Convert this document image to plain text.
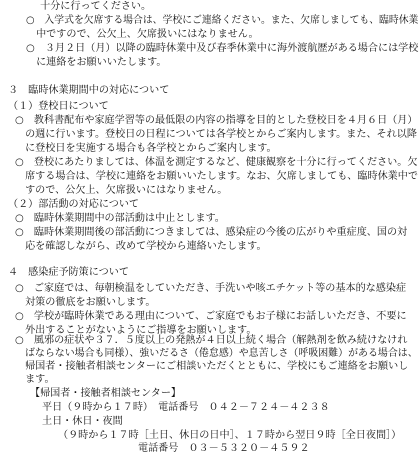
　十分に行ってください。
○　入学式を欠席する場合は、学校にご連絡ください。また、欠席しましても、臨時休業
　中ですので、公欠上、欠席扱いにはなりません。
○　３月２日（月）以降の臨時休業中及び春季休業中に海外渡航歴がある場合には学校
　に連絡をお願いいたします。
３　臨時休業期間中の対応について
（１）登校日について
○　教科書配布や家庭学習等の最低限の内容の指導を目的とした登校日を４月６日（月）
　の週に行います。登校日の日程については各学校とからご案内します。また、それ以降
　に登校日を実施する場合も各学校とからご案内します。
○　登校にあたりましては、体温を測定するなど、健康観察を十分に行ってください。欠
　席する場合は、学校に連絡をお願いいたします。なお、欠席しましても、臨時休業中で
　すので、公欠上、欠席扱いにはなりません。
（２）部活動の対応について
○　臨時休業期間中の部活動は中止とします。
○　臨時休業期間後の部活動につきましては、感染症の今後の広がりや重症度、国の対
　応を確認しながら、改めて学校から連絡いたします。
４　感染症予防策について
○　ご家庭では、毎朝検温をしていただき、手洗いや咳エチケット等の基本的な感染症
　対策の徹底をお願いします。
○　学校が臨時休業である理由について、ご家庭でもお子様にお話しいただき、不要に
　外出することがないようにご指導をお願いします。
○　風邪の症状や３７．５度以上の発熱が４日以上続く場合（解熱剤を飲み続けなけれ
　ばならない場合も同様）、強いだるさ（倦怠感）や息苦しさ（呼吸困難）がある場合は、
　帰国者・接触者相談センターにご相談いただくとともに、学校にもご連絡をお願いし
　ます。
【帰国者・接触者相談センター】
平日（９時から１７時）　電話番号　０４２－７２４－４２３８
土日・休日・夜間
（９時から１７時［土日、休日の日中］、１７時から翌日９時［全日夜間］）
電話番号　０３－５３２０－４５９２
